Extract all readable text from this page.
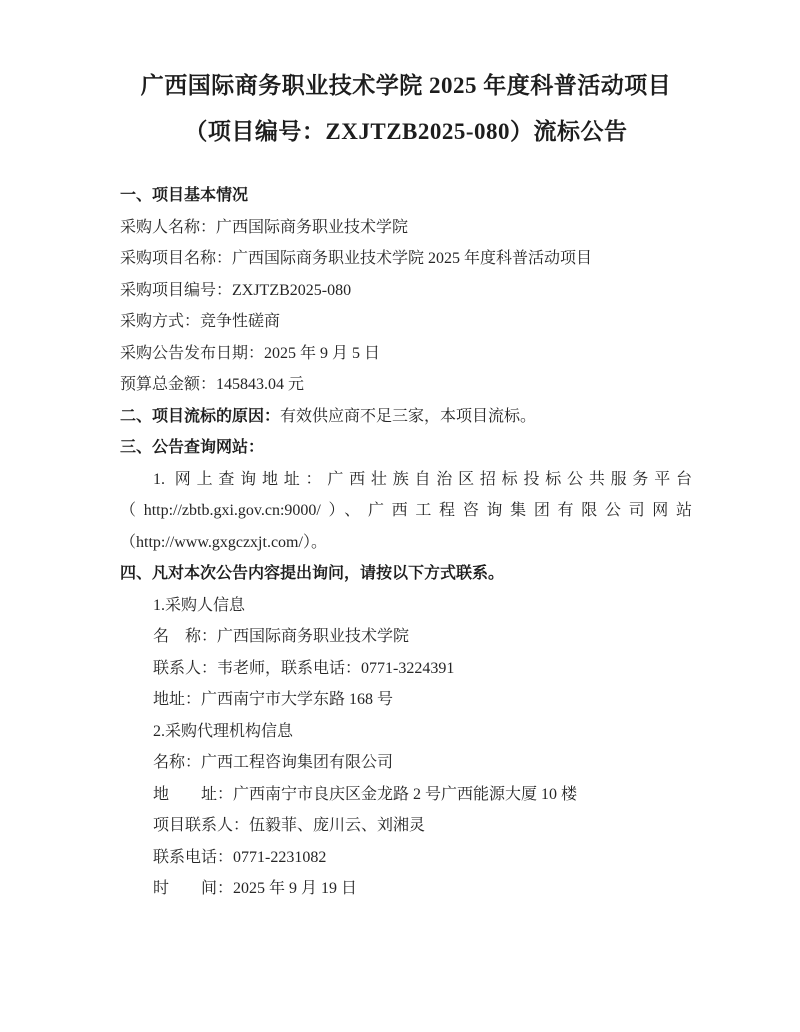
广西国际商务职业技术学院 2025 年度科普活动项目
（项目编号：ZXJTZB2025-080）流标公告

一、项目基本情况

采购人名称：广西国际商务职业技术学院

采购项目名称：广西国际商务职业技术学院 2025 年度科普活动项目

采购项目编号：ZXJTZB2025-080

采购方式：竞争性磋商

采购公告发布日期：2025 年 9 月 5 日

预算总金额：145843.04 元

二、项目流标的原因：有效供应商不足三家，本项目流标。

三、公告查询网站：

1. 网上查询地址：广西壮族自治区招标投标公共服务平台

（http://zbtb.gxi.gov.cn:9000/）、广西工程咨询集团有限公司网站

（http://www.gxgczxjt.com/）。

四、凡对本次公告内容提出询问，请按以下方式联系。

1.采购人信息

名　称：广西国际商务职业技术学院

联系人：韦老师，联系电话：0771-3224391

地址：广西南宁市大学东路 168 号

2.采购代理机构信息

名称：广西工程咨询集团有限公司

地　　址：广西南宁市良庆区金龙路 2 号广西能源大厦 10 楼

项目联系人：伍毅菲、庞川云、刘湘灵

联系电话：0771-2231082

时　　间：2025 年 9 月 19 日
